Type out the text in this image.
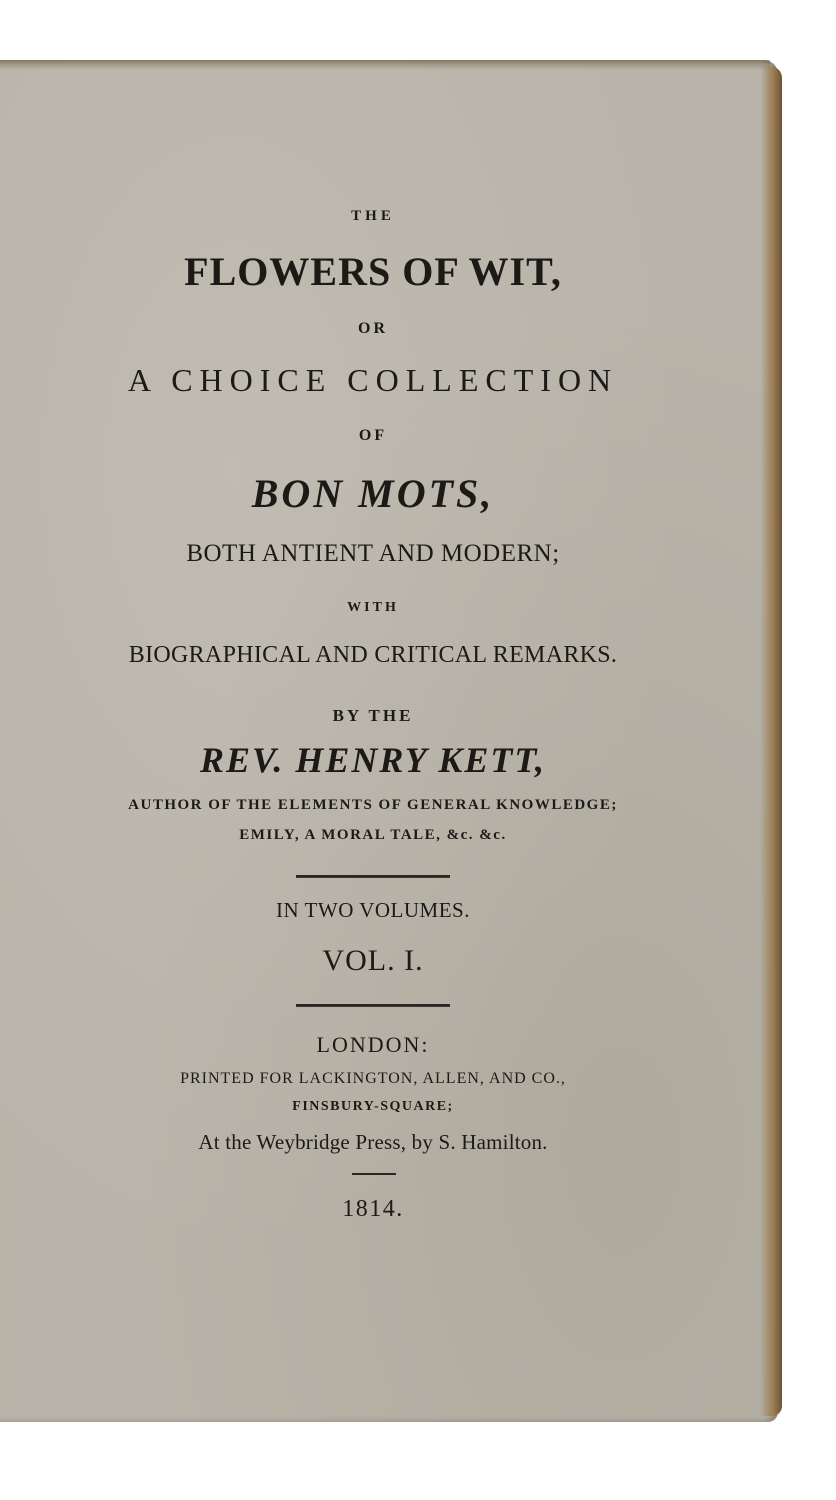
THE
FLOWERS OF WIT,
OR
A CHOICE COLLECTION
OF
BON MOTS,
BOTH ANTIENT AND MODERN;
WITH
BIOGRAPHICAL AND CRITICAL REMARKS.
BY THE
REV. HENRY KETT,
AUTHOR OF THE ELEMENTS OF GENERAL KNOWLEDGE;
EMILY, A MORAL TALE, &c. &c.
IN TWO VOLUMES.
VOL. I.
LONDON:
PRINTED FOR LACKINGTON, ALLEN, AND CO.,
FINSBURY-SQUARE;
At the Weybridge Press, by S. Hamilton.
1814.
